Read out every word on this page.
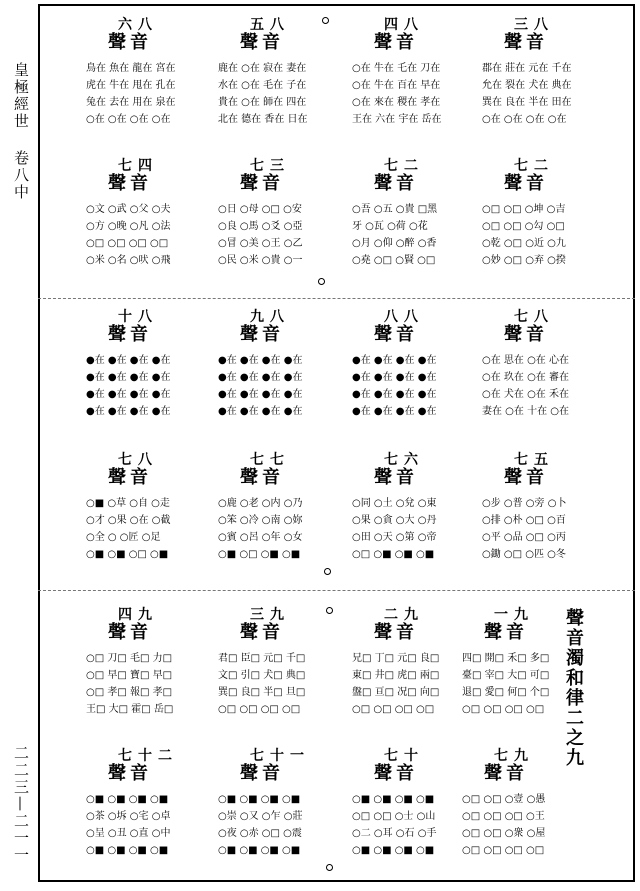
皇極經世
卷八中
二二三—二一一
聲音濁和律二之九
六八
聲音
鳥在 魚在 龍在 宮在
虎在 牛在 甩在 孔在
兔在 去在 用在 泉在
○在 ○在 ○在 ○在
五八
聲音
鹿在 ○在 寂在 妻在
水在 ○在 毛在 子在
貴在 ○在 師在 四在
北在 德在 香在 日在
四八
聲音
○在 牛在 乇在 刀在
○在 牛在 百在 早在
○在 來在 稷在 孝在
王在 六在 宇在 岳在
三八
聲音
郡在 莊在 元在 千在
允在 裂在 犬在 典在
巽在 良在 半在 田在
○在 ○在 ○在 ○在
七四
聲音
○文 ○武 ○父 ○夫
○方 ○晚 ○凡 ○法
○□ ○□ ○□ ○□
○米 ○名 ○吠 ○飛
七三
聲音
○日 ○母 ○□ ○安
○良 ○馬 ○爻 ○亞
○冒 ○美 ○王 ○乙
○民 ○米 ○貴 ○一
七二
聲音
○吾 ○五 ○貴 □黑
牙 ○瓦 ○荷 ○花
○月 ○仰 ○醉 ○香
○堯 ○□ ○賢 ○□
七二
聲音
○□ ○□ ○坤 ○吉
○□ ○□ ○勾 ○□
○乾 ○□ ○近 ○九
○妙 ○□ ○弃 ○揆
十八
聲音
●在 ●在 ●在 ●在
●在 ●在 ●在 ●在
●在 ●在 ●在 ●在
●在 ●在 ●在 ●在
九八
聲音
●在 ●在 ●在 ●在
●在 ●在 ●在 ●在
●在 ●在 ●在 ●在
●在 ●在 ●在 ●在
八八
聲音
●在 ●在 ●在 ●在
●在 ●在 ●在 ●在
●在 ●在 ●在 ●在
●在 ●在 ●在 ●在
七八
聲音
○在 思在 ○在 心在
○在 玖在 ○在 審在
○在 犬在 ○在 禾在
妻在 ○在 十在 ○在
七八
聲音
○■ ○草 ○自 ○走
○才 ○果 ○在 ○截
○全 ○ ○匠 ○足
○■ ○■ ○□ ○■
七七
聲音
○鹿 ○老 ○内 ○乃
○笨 ○冷 ○南 ○妳
○賓 ○呂 ○年 ○女
○■ ○□ ○■ ○■
七六
聲音
○同 ○土 ○兌 ○東
○果 ○貪 ○大 ○丹
○田 ○天 ○第 ○帝
○□ ○■ ○■ ○■
七五
聲音
○步 ○普 ○旁 ○卜
○排 ○朴 ○□ ○百
○平 ○品 ○□ ○丙
○鋤 ○□ ○匹 ○冬
四九
聲音
○□ 刀□ 毛□ 力□
○□ 早□ 寶□ 早□
○□ 孝□ 報□ 孝□
王□ 大□ 霍□ 岳□
三九
聲音
君□ 臣□ 元□ 千□
文□ 引□ 犬□ 典□
巽□ 良□ 半□ 旦□
○□ ○□ ○□ ○□
二九
聲音
兄□ 丁□ 元□ 良□
東□ 井□ 虎□ 兩□
盤□ 亘□ 况□ 向□
○□ ○□ ○□ ○□
一九
聲音
四□ 開□ 禾□ 多□
臺□ 宰□ 大□ 可□
退□ 愛□ 何□ 个□
○□ ○□ ○□ ○□
七十二
聲音
○■ ○■ ○■ ○■
○茶 ○坼 ○宅 ○卓
○呈 ○丑 ○直 ○中
○■ ○■ ○■ ○■
七十一
聲音
○■ ○■ ○■ ○■
○崇 ○又 ○乍 ○莊
○夜 ○赤 ○□ ○震
○■ ○■ ○■ ○■
七十
聲音
○■ ○■ ○■ ○■
○□ ○□ ○士 ○山
○二 ○耳 ○石 ○手
○■ ○■ ○■ ○■
七九
聲音
○□ ○□ ○壹 ○愚
○□ ○□ ○□ ○王
○□ ○□ ○衆 ○屋
○□ ○□ ○□ ○□
